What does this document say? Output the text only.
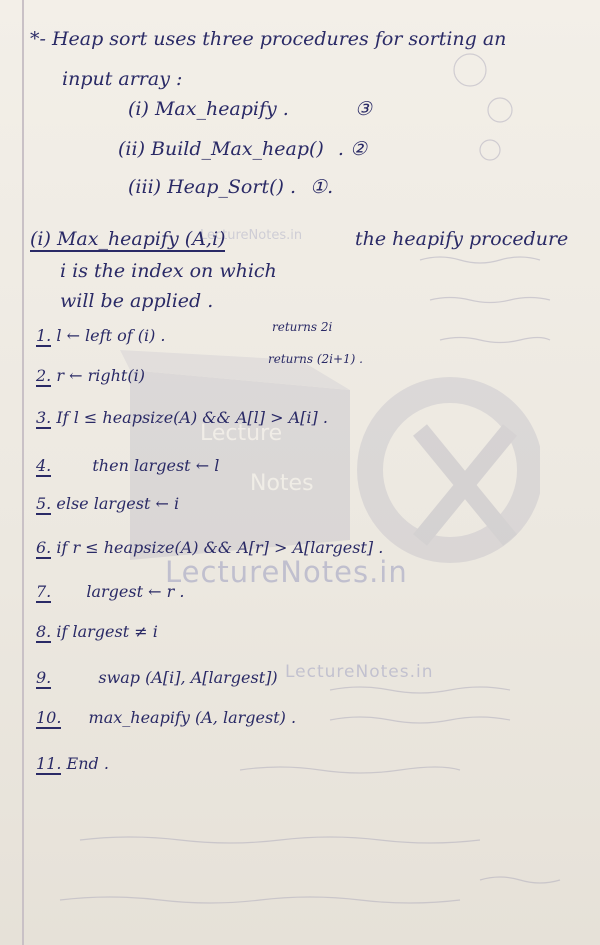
Lecture
Notes
LectureNotes.in
LectureNotes.in
LectureNotes.in
*- Heap sort uses three procedures for sorting an
input array :
(i) Max_heapify .	③
(ii) Build_Max_heap() . ②
(iii) Heap_Sort() . ①.
(i) Max_heapify (A,i)	the heapify procedure
i is the index on which
will be applied .
1. l ← left of (i) .	returns 2i
2. r ← right(i)
returns (2i+1) .
3. If l ≤ heapsize(A) && A[l] > A[i] .
4.	then largest ← l
5. else largest ← i
6. if r ≤ heapsize(A) && A[r] > A[largest] .
7. largest ← r .
8. if largest ≠ i
9.	swap (A[i], A[largest])
10. max_heapify (A, largest) .
11. End .
